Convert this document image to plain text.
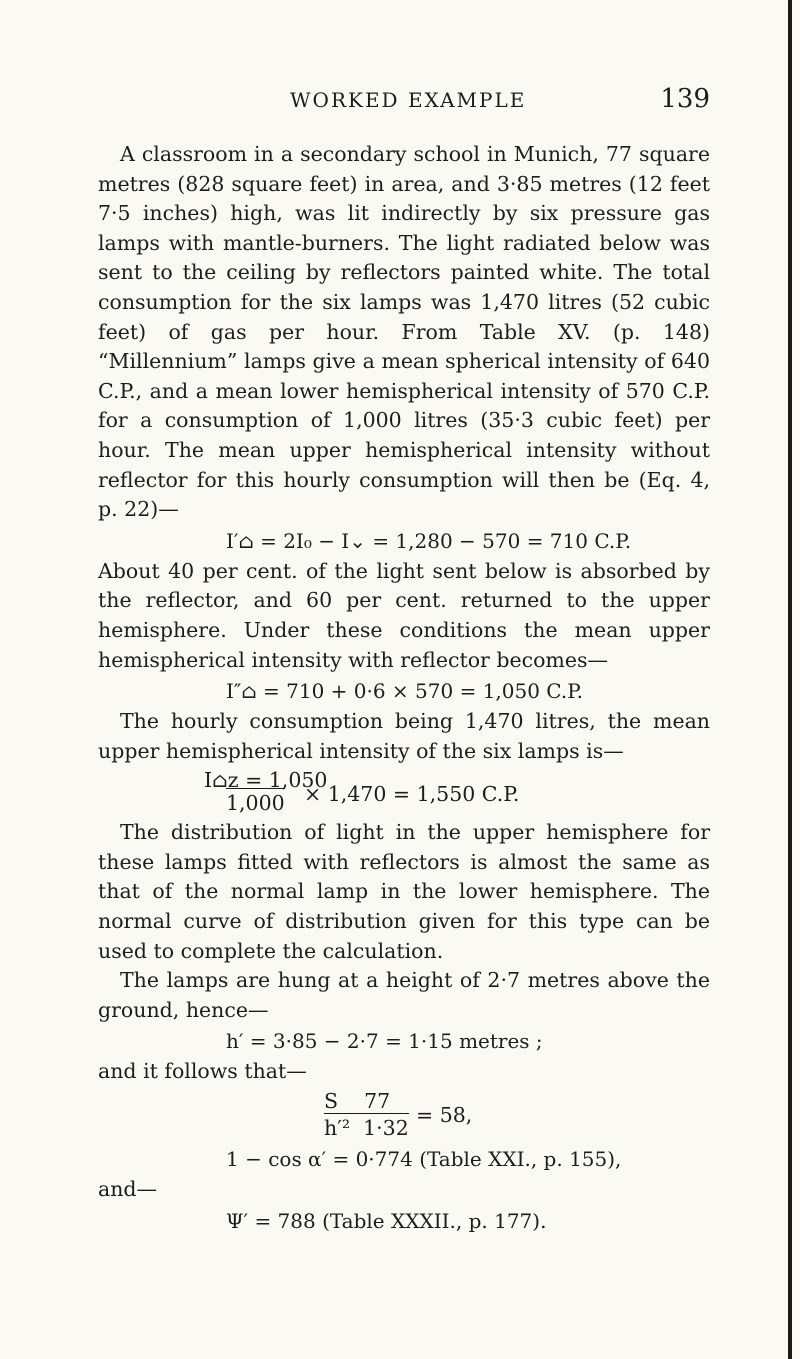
WORKED EXAMPLE	139

A classroom in a secondary school in Munich, 77 square metres (828 square feet) in area, and 3·85 metres (12 feet 7·5 inches) high, was lit indirectly by six pressure gas lamps with mantle-burners. The light radiated below was sent to the ceiling by reflectors painted white. The total consumption for the six lamps was 1,470 litres (52 cubic feet) of gas per hour. From Table XV. (p. 148) “Millennium” lamps give a mean spherical intensity of 640 C.P., and a mean lower hemispherical intensity of 570 C.P. for a consumption of 1,000 litres (35·3 cubic feet) per hour. The mean upper hemispherical intensity without reflector for this hourly consumption will then be (Eq. 4, p. 22)—

I′⌂ = 2I₀ − I⌄ = 1,280 − 570 = 710 C.P.

About 40 per cent. of the light sent below is absorbed by the reflector, and 60 per cent. returned to the upper hemisphere. Under these conditions the mean upper hemispherical intensity with reflector becomes—

I″⌂ = 710 + 0·6 × 570 = 1,050 C.P.

The hourly consumption being 1,470 litres, the mean upper hemispherical intensity of the six lamps is—

I⌂z = 1,050
1,000 × 1,470 = 1,550 C.P.

The distribution of light in the upper hemisphere for these lamps fitted with reflectors is almost the same as that of the normal lamp in the lower hemisphere. The normal curve of distribution given for this type can be used to complete the calculation.

The lamps are hung at a height of 2·7 metres above the ground, hence—

h′ = 3·85 − 2·7 = 1·15 metres ;

and it follows that—

S    77
h′²  1·32
= 58,

1 − cos α′ = 0·774 (Table XXI., p. 155),

and—

Ψ′ = 788 (Table XXXII., p. 177).
